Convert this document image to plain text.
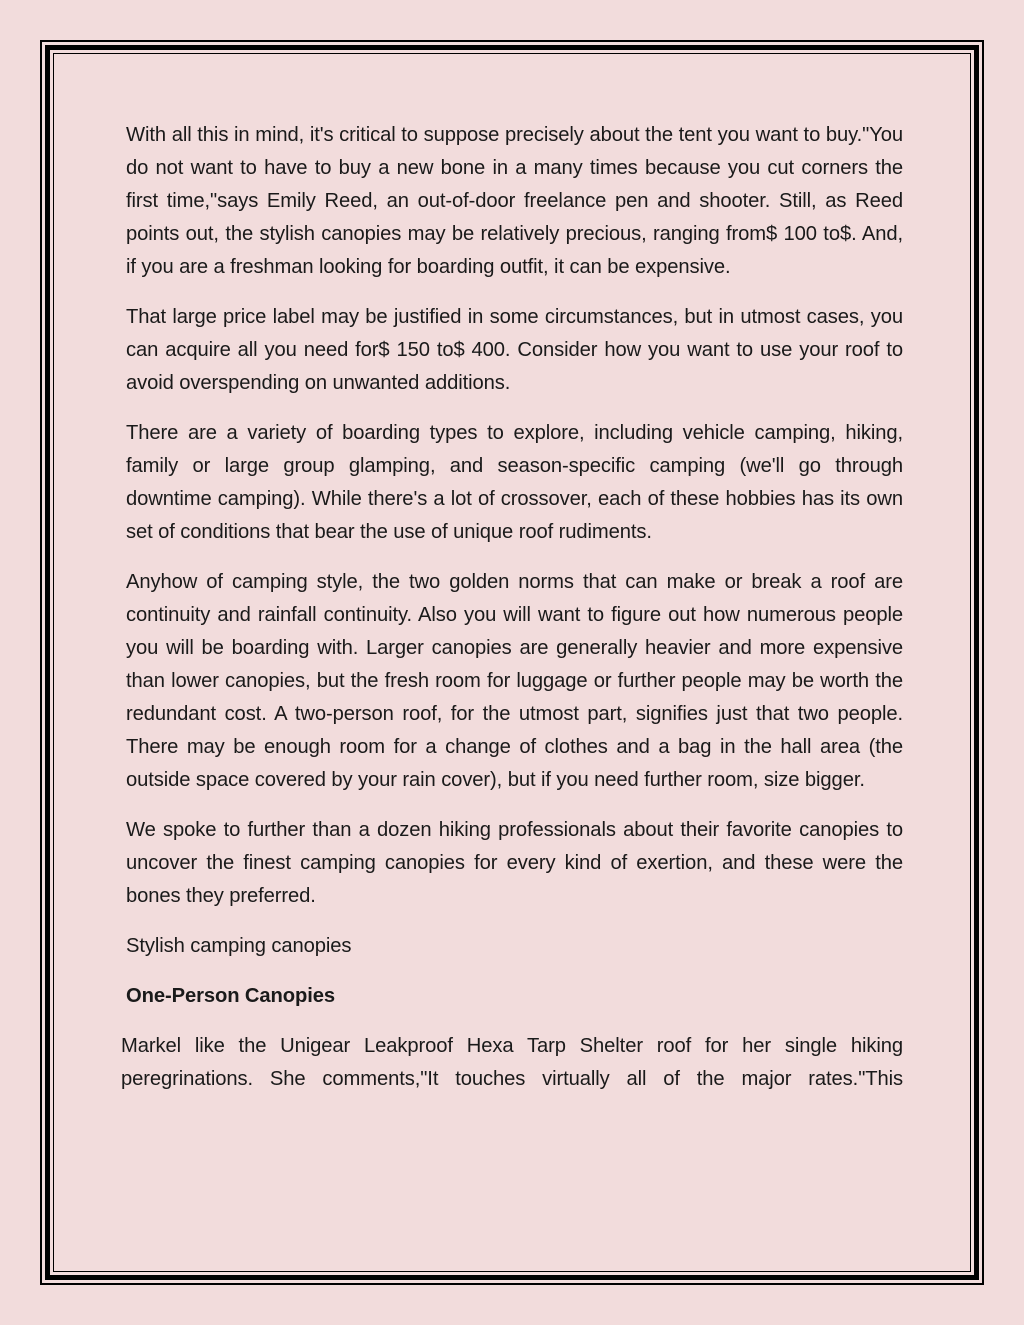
With all this in mind, it's critical to suppose precisely about the tent you want to buy."You do not want to have to buy a new bone in a many times because you cut corners the first time,"says Emily Reed, an out-of-door freelance pen and shooter. Still, as Reed points out, the stylish canopies may be relatively precious, ranging from$ 100 to$. And, if you are a freshman looking for boarding outfit, it can be expensive.

That large price label may be justified in some circumstances, but in utmost cases, you can acquire all you need for$ 150 to$ 400. Consider how you want to use your roof to avoid overspending on unwanted additions.

There are a variety of boarding types to explore, including vehicle camping, hiking, family or large group glamping, and season-specific camping (we'll go through downtime camping). While there's a lot of crossover, each of these hobbies has its own set of conditions that bear the use of unique roof rudiments.

Anyhow of camping style, the two golden norms that can make or break a roof are continuity and rainfall continuity. Also you will want to figure out how numerous people you will be boarding with. Larger canopies are generally heavier and more expensive than lower canopies, but the fresh room for luggage or further people may be worth the redundant cost. A two-person roof, for the utmost part, signifies just that two people. There may be enough room for a change of clothes and a bag in the hall area (the outside space covered by your rain cover), but if you need further room, size bigger.

We spoke to further than a dozen hiking professionals about their favorite canopies to uncover the finest camping canopies for every kind of exertion, and these were the bones they preferred.

Stylish camping canopies

One-Person Canopies

Markel like the Unigear Leakproof Hexa Tarp Shelter roof for her single hiking peregrinations. She comments,"It touches virtually all of the major rates."This
